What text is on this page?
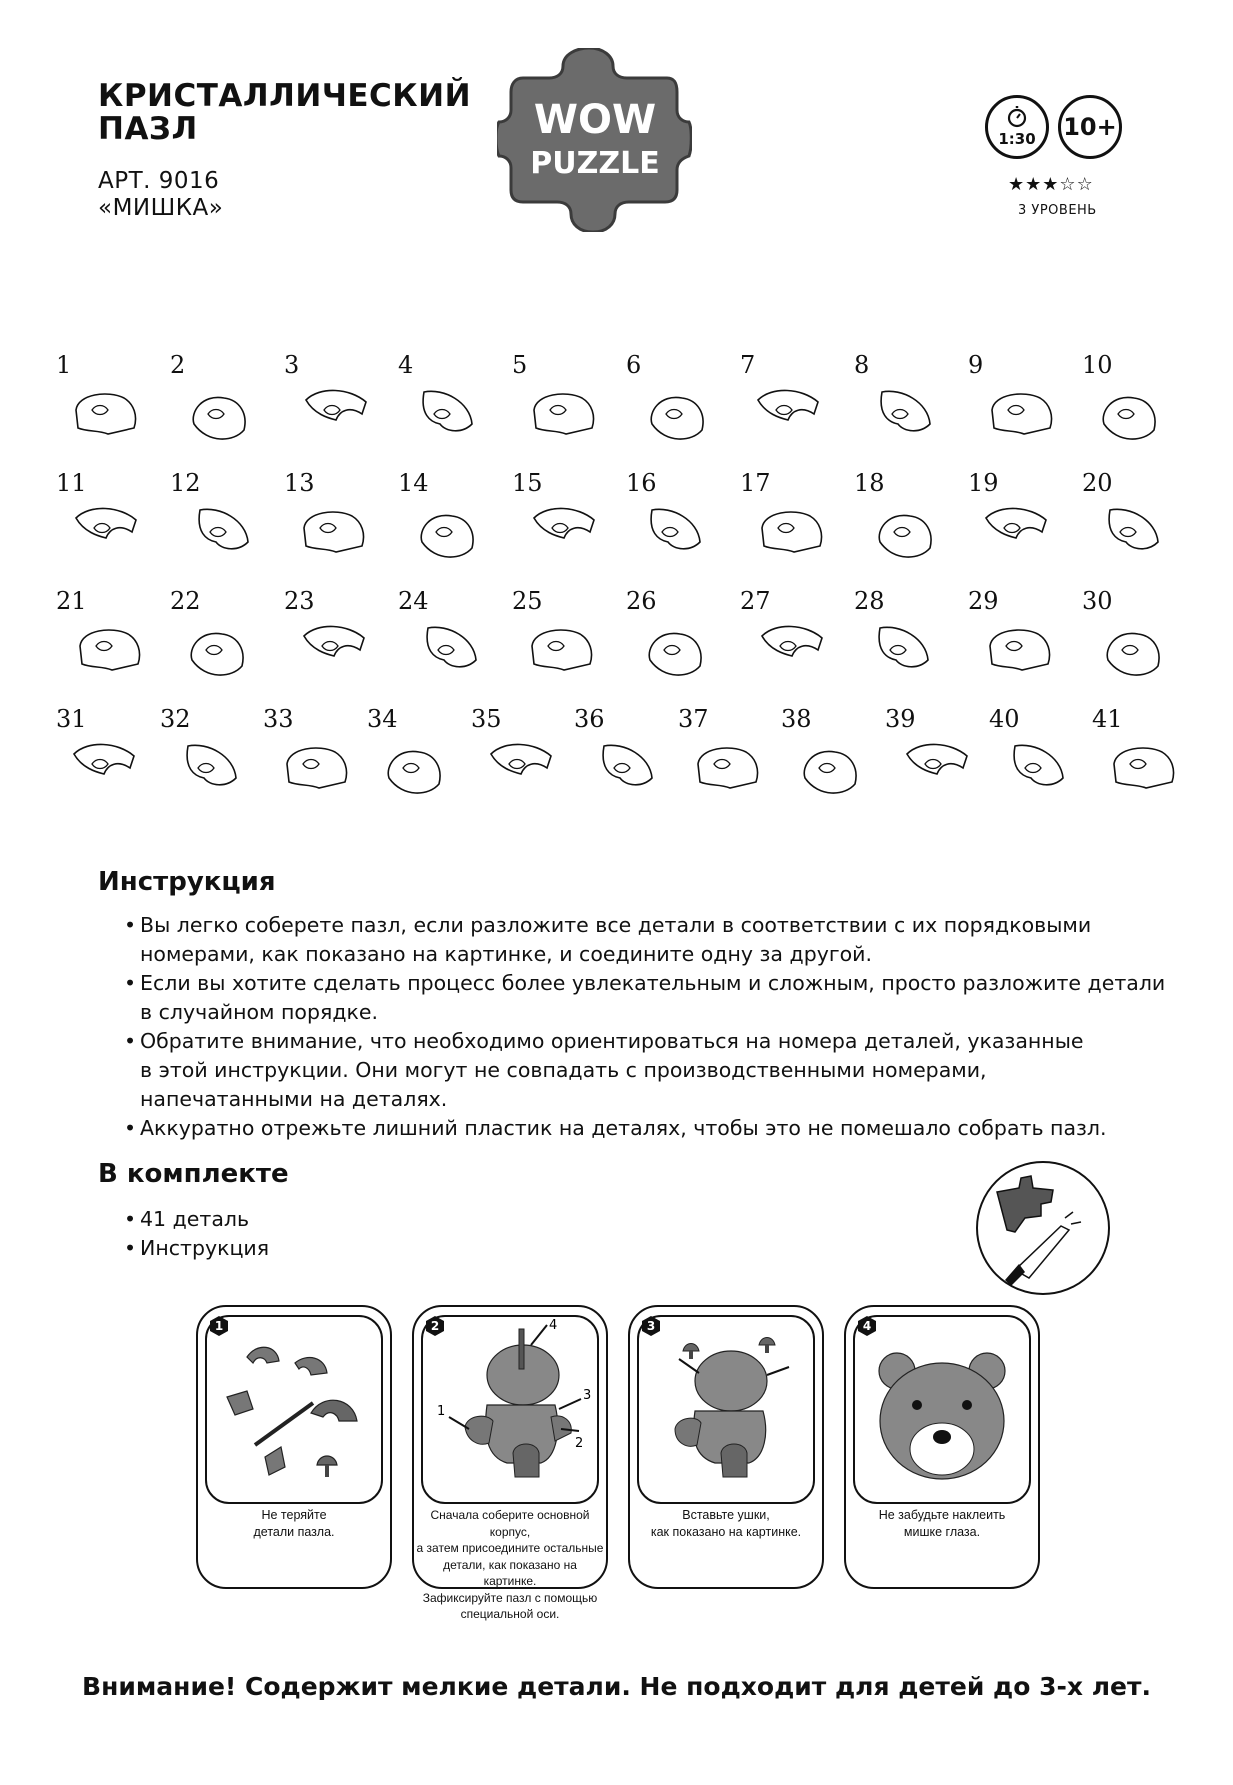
КРИСТАЛЛИЧЕСКИЙ
ПАЗЛ
АРТ. 9016
«МИШКА»
WOW
PUZZLE
1:30	10+
★★★☆☆
3 УРОВЕНЬ
1	2	3	4	5	6	7	8	9	10
11	12	13	14	15	16	17	18	19	20
21	22	23	24	25	26	27	28	29	30
31	32	33	34	35	36	37	38	39	40	41
Инструкция
• Вы легко соберете пазл, если разложите все детали в соответствии с их порядковыми
номерами, как показано на картинке, и соедините одну за другой.
• Если вы хотите сделать процесс более увлекательным и сложным, просто разложите детали
в случайном порядке.
• Обратите внимание, что необходимо ориентироваться на номера деталей, указанные
в этой инструкции. Они могут не совпадать с производственными номерами,
напечатанными на деталях.
• Аккуратно отрежьте лишний пластик на деталях, чтобы это не помешало собрать пазл.
В комплекте
• 41 деталь
• Инструкция
1
Не теряйте
детали пазла.
1
2
3
4
2
Сначала соберите основной корпус,
а затем присоедините остальные
детали, как показано на картинке.
Зафиксируйте пазл с помощью
специальной оси.
3
Вставьте ушки,
как показано на картинке.
4
Не забудьте наклеить
мишке глаза.
Внимание! Содержит мелкие детали. Не подходит для детей до 3-х лет.
